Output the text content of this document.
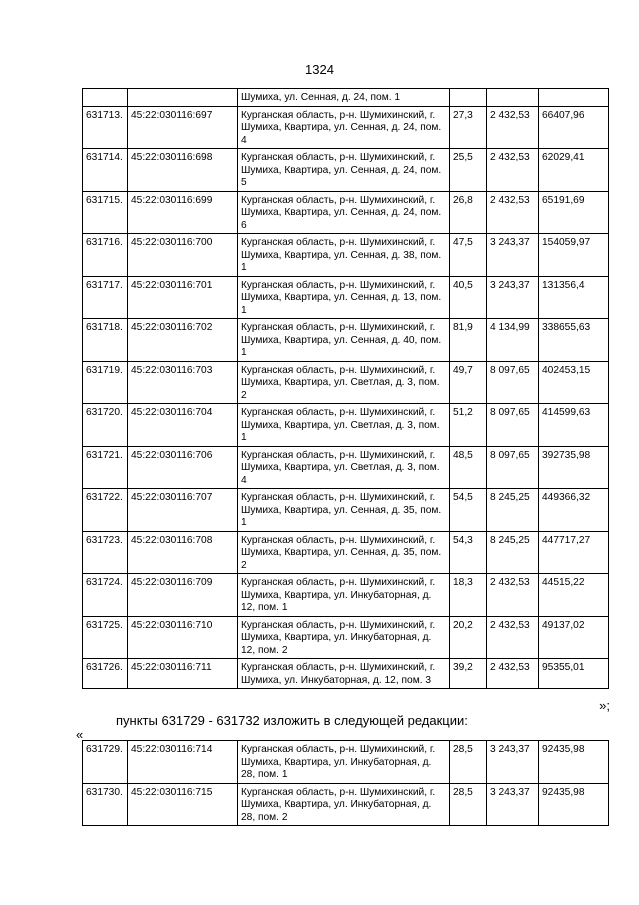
1324
		Шумиха, ул. Сенная, д. 24, пом. 1			
631713.	45:22:030116:697	Курганская область, р-н. Шумихинский, г. Шумиха, Квартира, ул. Сенная, д. 24, пом. 4	27,3	2 432,53	66407,96
631714.	45:22:030116:698	Курганская область, р-н. Шумихинский, г. Шумиха, Квартира, ул. Сенная, д. 24, пом. 5	25,5	2 432,53	62029,41
631715.	45:22:030116:699	Курганская область, р-н. Шумихинский, г. Шумиха, Квартира, ул. Сенная, д. 24, пом. 6	26,8	2 432,53	65191,69
631716.	45:22:030116:700	Курганская область, р-н. Шумихинский, г. Шумиха, Квартира, ул. Сенная, д. 38, пом. 1	47,5	3 243,37	154059,97
631717.	45:22:030116:701	Курганская область, р-н. Шумихинский, г. Шумиха, Квартира, ул. Сенная, д. 13, пом. 1	40,5	3 243,37	131356,4
631718.	45:22:030116:702	Курганская область, р-н. Шумихинский, г. Шумиха, Квартира, ул. Сенная, д. 40, пом. 1	81,9	4 134,99	338655,63
631719.	45:22:030116:703	Курганская область, р-н. Шумихинский, г. Шумиха, Квартира, ул. Светлая, д. 3, пом. 2	49,7	8 097,65	402453,15
631720.	45:22:030116:704	Курганская область, р-н. Шумихинский, г. Шумиха, Квартира, ул. Светлая, д. 3, пом. 1	51,2	8 097,65	414599,63
631721.	45:22:030116:706	Курганская область, р-н. Шумихинский, г. Шумиха, Квартира, ул. Светлая, д. 3, пом. 4	48,5	8 097,65	392735,98
631722.	45:22:030116:707	Курганская область, р-н. Шумихинский, г. Шумиха, Квартира, ул. Сенная, д. 35, пом. 1	54,5	8 245,25	449366,32
631723.	45:22:030116:708	Курганская область, р-н. Шумихинский, г. Шумиха, Квартира, ул. Сенная, д. 35, пом. 2	54,3	8 245,25	447717,27
631724.	45:22:030116:709	Курганская область, р-н. Шумихинский, г. Шумиха, Квартира, ул. Инкубаторная, д. 12, пом. 1	18,3	2 432,53	44515,22
631725.	45:22:030116:710	Курганская область, р-н. Шумихинский, г. Шумиха, Квартира, ул. Инкубаторная, д. 12, пом. 2	20,2	2 432,53	49137,02
631726.	45:22:030116:711	Курганская область, р-н. Шумихинский, г. Шумиха, ул. Инкубаторная, д. 12, пом. 3	39,2	2 432,53	95355,01
»;
пункты 631729 - 631732 изложить в следующей редакции:
«
631729.	45:22:030116:714	Курганская область, р-н. Шумихинский, г. Шумиха, Квартира, ул. Инкубаторная, д. 28, пом. 1	28,5	3 243,37	92435,98
631730.	45:22:030116:715	Курганская область, р-н. Шумихинский, г. Шумиха, Квартира, ул. Инкубаторная, д. 28, пом. 2	28,5	3 243,37	92435,98
